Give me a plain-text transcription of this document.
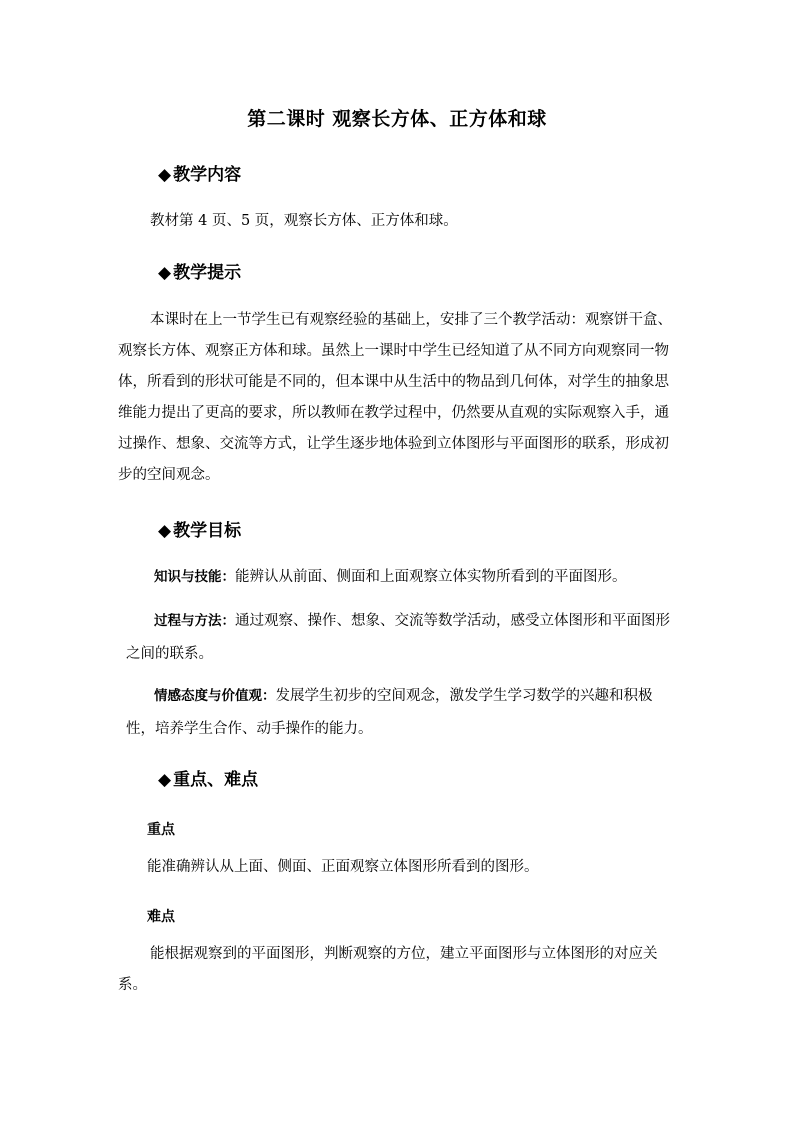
第二课时 观察长方体、正方体和球
◆ 教学内容
教材第 4 页、5 页，观察长方体、正方体和球。
◆ 教学提示
本课时在上一节学生已有观察经验的基础上，安排了三个教学活动：观察饼干盒、观察长方体、观察正方体和球。虽然上一课时中学生已经知道了从不同方向观察同一物体，所看到的形状可能是不同的，但本课中从生活中的物品到几何体，对学生的抽象思维能力提出了更高的要求，所以教师在教学过程中，仍然要从直观的实际观察入手，通过操作、想象、交流等方式，让学生逐步地体验到立体图形与平面图形的联系，形成初步的空间观念。
◆ 教学目标
知识与技能：能辨认从前面、侧面和上面观察立体实物所看到的平面图形。
过程与方法：通过观察、操作、想象、交流等数学活动，感受立体图形和平面图形之间的联系。
情感态度与价值观：发展学生初步的空间观念，激发学生学习数学的兴趣和积极性，培养学生合作、动手操作的能力。
◆ 重点、难点
重点
能准确辨认从上面、侧面、正面观察立体图形所看到的图形。
难点
能根据观察到的平面图形，判断观察的方位，建立平面图形与立体图形的对应关系。
